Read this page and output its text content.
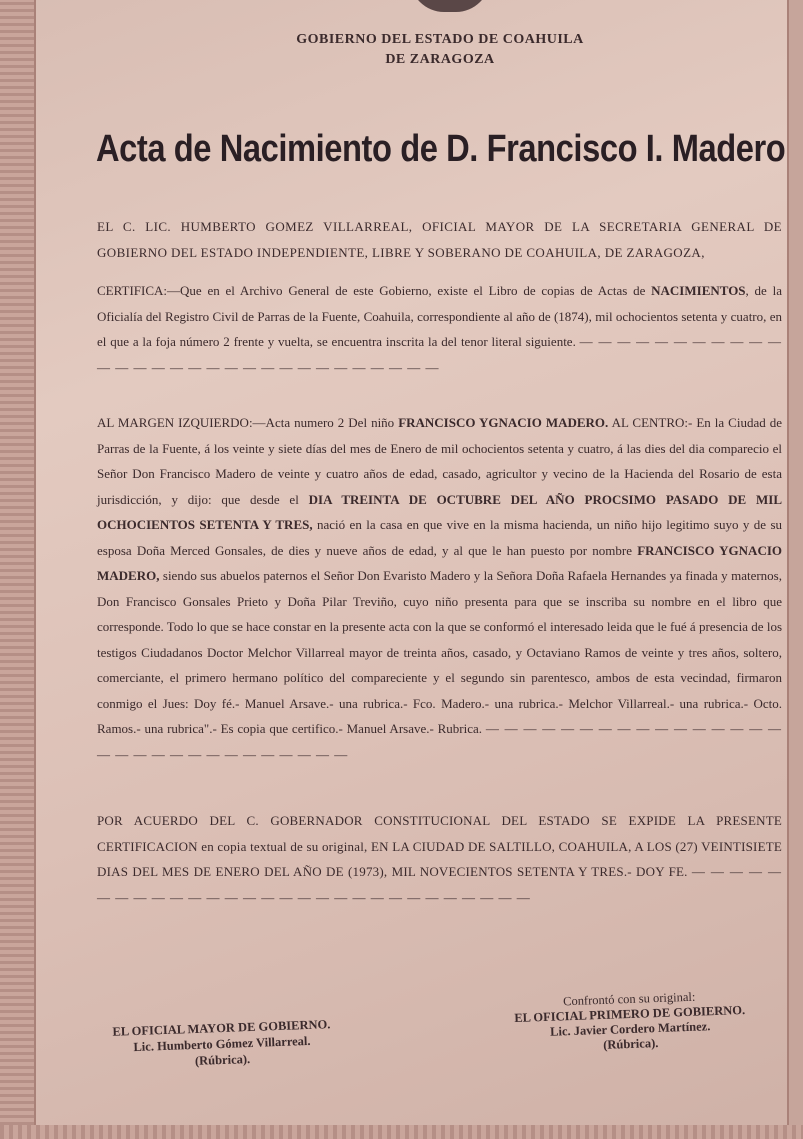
GOBIERNO DEL ESTADO DE COAHUILA
DE ZARAGOZA
Acta de Nacimiento de D. Francisco I. Madero
EL C. LIC. HUMBERTO GOMEZ VILLARREAL, OFICIAL MAYOR DE LA SECRETARIA GENERAL DE GOBIERNO DEL ESTADO INDEPENDIENTE, LIBRE Y SOBERANO DE COAHUILA, DE ZARAGOZA,
CERTIFICA:—Que en el Archivo General de este Gobierno, existe el Libro de copias de Actas de NACIMIENTOS, de la Oficialía del Registro Civil de Parras de la Fuente, Coahuila, correspondiente al año de (1874), mil ochocientos setenta y cuatro, en el que a la foja número 2 frente y vuelta, se encuentra inscrita la del tenor literal siguiente. — — — — — — — — — — — — — — — — — — — — — — — — — — — — — —
AL MARGEN IZQUIERDO:—Acta numero 2 Del niño FRANCISCO YGNACIO MADERO. AL CENTRO:- En la Ciudad de Parras de la Fuente, á los veinte y siete días del mes de Enero de mil ochocientos setenta y cuatro, á las dies del dia comparecio el Señor Don Francisco Madero de veinte y cuatro años de edad, casado, agricultor y vecino de la Hacienda del Rosario de esta jurisdicción, y dijo: que desde el DIA TREINTA DE OCTUBRE DEL AÑO PROCSIMO PASADO DE MIL OCHOCIENTOS SETENTA Y TRES, nació en la casa en que vive en la misma hacienda, un niño hijo legitimo suyo y de su esposa Doña Merced Gonsales, de dies y nueve años de edad, y al que le han puesto por nombre FRANCISCO YGNACIO MADERO, siendo sus abuelos paternos el Señor Don Evaristo Madero y la Señora Doña Rafaela Hernandes ya finada y maternos, Don Francisco Gonsales Prieto y Doña Pilar Treviño, cuyo niño presenta para que se inscriba su nombre en el libro que corresponde. Todo lo que se hace constar en la presente acta con la que se conformó el interesado leida que le fué á presencia de los testigos Ciudadanos Doctor Melchor Villarreal mayor de treinta años, casado, y Octaviano Ramos de veinte y tres años, soltero, comerciante, el primero hermano político del compareciente y el segundo sin parentesco, ambos de esta vecindad, firmaron conmigo el Jues: Doy fé.- Manuel Arsave.- una rubrica.- Fco. Madero.- una rubrica.- Melchor Villarreal.- una rubrica.- Octo. Ramos.- una rubrica".- Es copia que certifico.- Manuel Arsave.- Rubrica. — — — — — — — — — — — — — — — — — — — — — — — — — — — — — —
POR ACUERDO DEL C. GOBERNADOR CONSTITUCIONAL DEL ESTADO SE EXPIDE LA PRESENTE CERTIFICACION en copia textual de su original, EN LA CIUDAD DE SALTILLO, COAHUILA, A LOS (27) VEINTISIETE DIAS DEL MES DE ENERO DEL AÑO DE (1973), MIL NOVECIENTOS SETENTA Y TRES.- DOY FE. — — — — — — — — — — — — — — — — — — — — — — — — — — — — —
EL OFICIAL MAYOR DE GOBIERNO.
Lic. Humberto Gómez Villarreal.
(Rúbrica).
Confrontó con su original:
EL OFICIAL PRIMERO DE GOBIERNO.
Lic. Javier Cordero Martínez.
(Rúbrica).
